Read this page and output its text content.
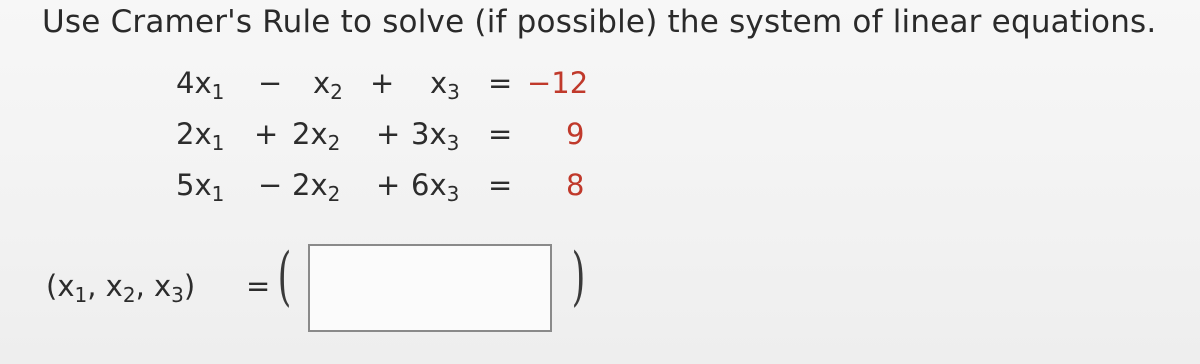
Use Cramer's Rule to solve (if possible) the system of linear equations.
$4x_1 - x_2 + x_3 = -12$
$2x_1 + 2x_2 + 3x_3 = 9$
$5x_1 - 2x_2 + 6x_3 = 8$
($x_1$, $x_2$, $x_3$) = (	)
